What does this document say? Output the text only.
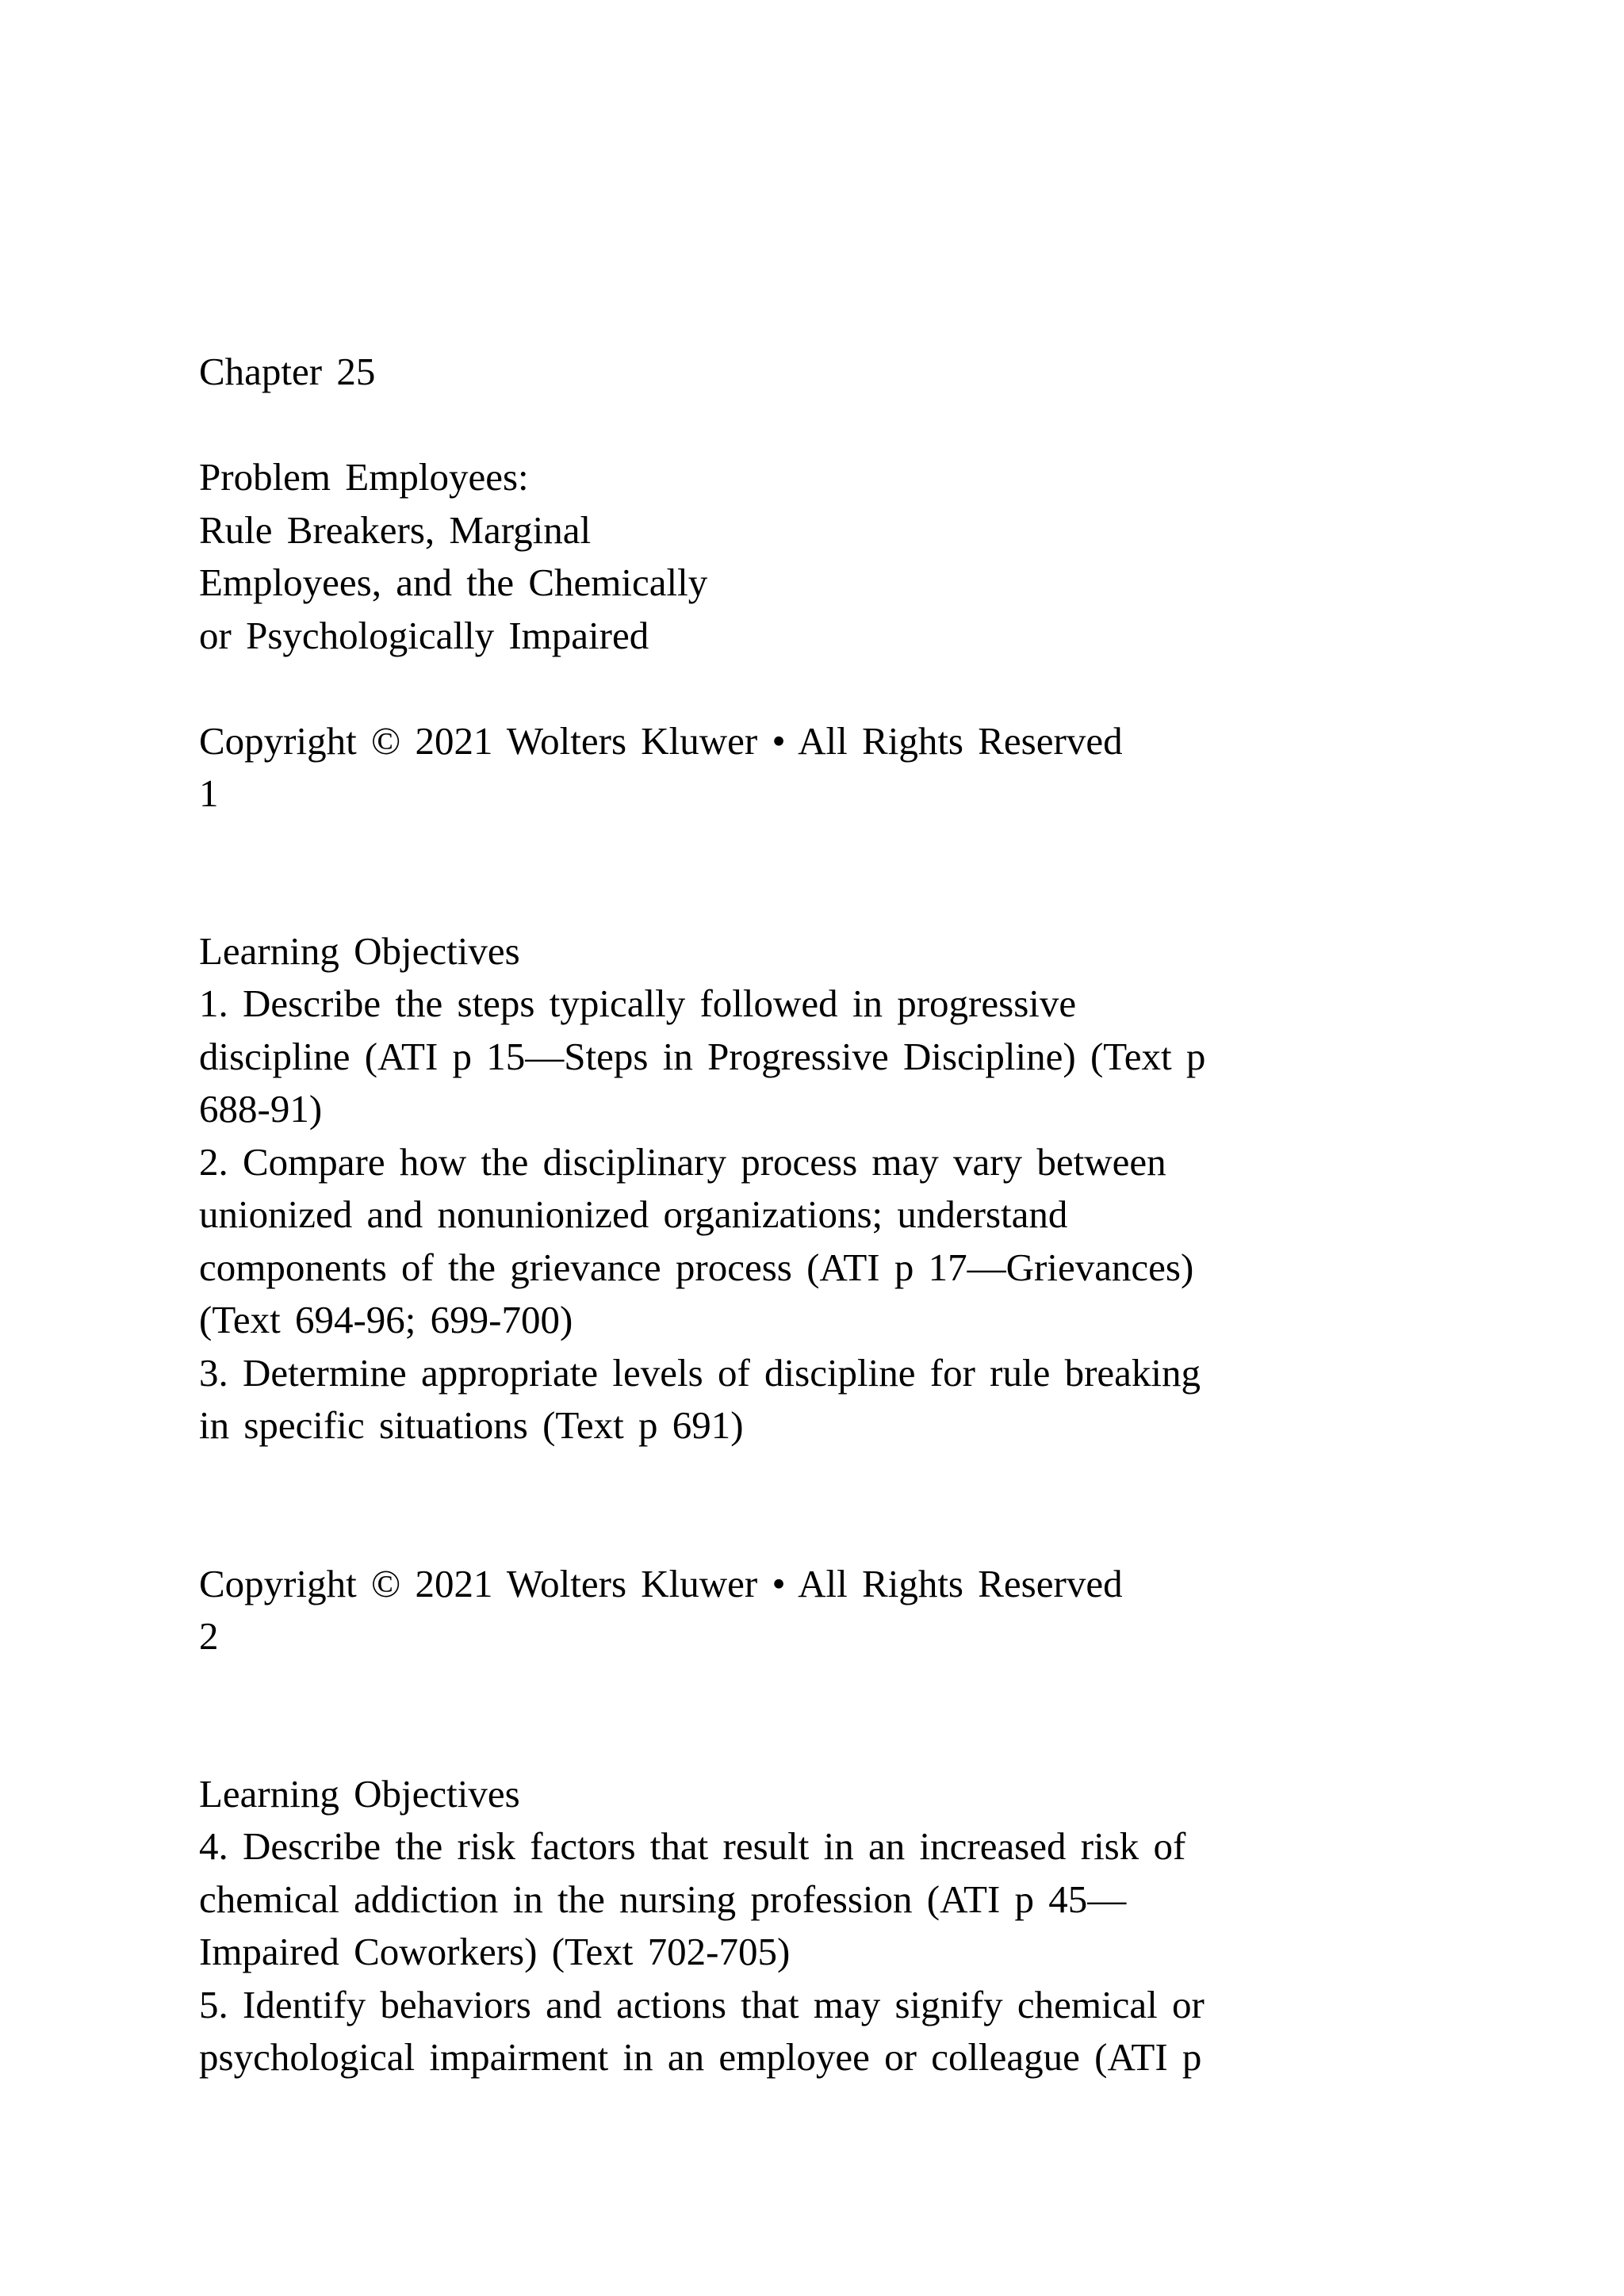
Chapter 25
Problem Employees:
Rule Breakers, Marginal
Employees, and the Chemically
or Psychologically Impaired
Copyright © 2021 Wolters Kluwer • All Rights Reserved
1
Learning Objectives
1. Describe the steps typically followed in progressive
discipline (ATI p 15—Steps in Progressive Discipline) (Text p
688-91)
2. Compare how the disciplinary process may vary between
unionized and nonunionized organizations; understand
components of the grievance process (ATI p 17—Grievances)
(Text 694-96; 699-700)
3. Determine appropriate levels of discipline for rule breaking
in specific situations (Text p 691)
Copyright © 2021 Wolters Kluwer • All Rights Reserved
2
Learning Objectives
4. Describe the risk factors that result in an increased risk of
chemical addiction in the nursing profession (ATI p 45—
Impaired Coworkers) (Text 702-705)
5. Identify behaviors and actions that may signify chemical or
psychological impairment in an employee or colleague (ATI p
